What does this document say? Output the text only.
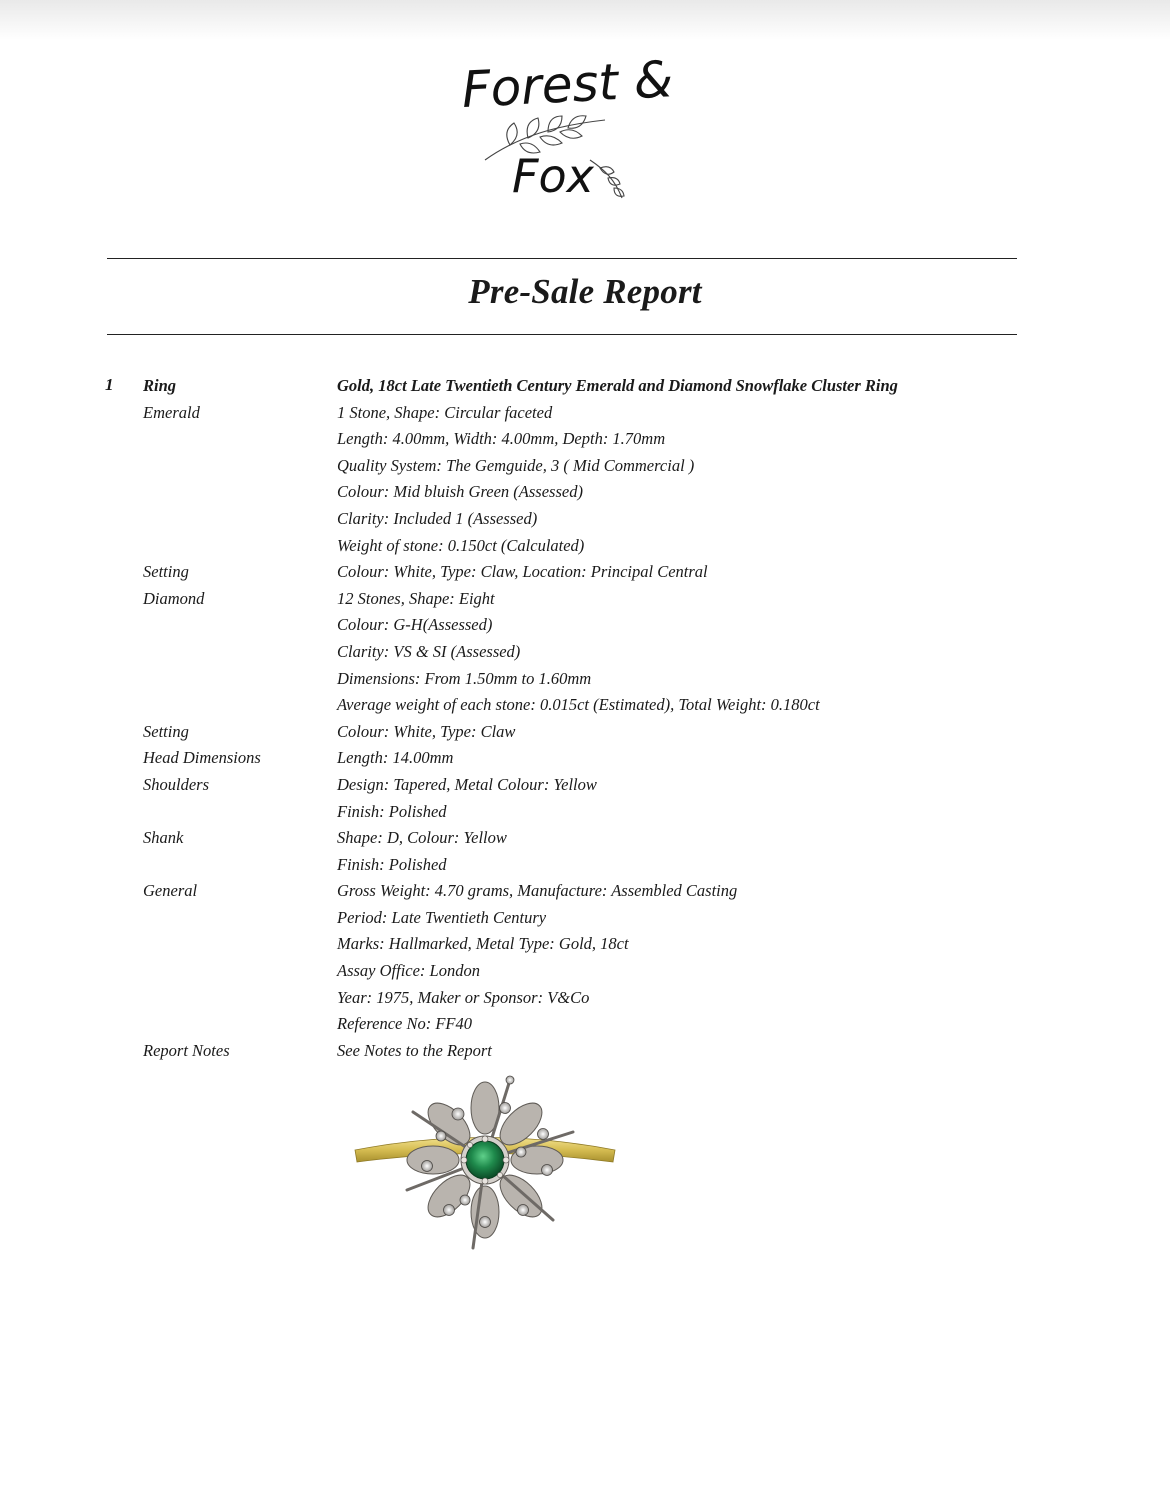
Forest &
Fox
Pre-Sale Report
1 Ring	Gold, 18ct Late Twentieth Century Emerald and Diamond Snowflake Cluster Ring
Emerald	1 Stone, Shape: Circular faceted
Length: 4.00mm, Width: 4.00mm, Depth: 1.70mm
Quality System: The Gemguide, 3 ( Mid Commercial )
Colour: Mid bluish Green (Assessed)
Clarity: Included 1 (Assessed)
Weight of stone: 0.150ct (Calculated)
Setting	Colour: White, Type: Claw, Location: Principal Central
Diamond	12 Stones, Shape: Eight
Colour: G-H(Assessed)
Clarity: VS & SI (Assessed)
Dimensions: From 1.50mm to 1.60mm
Average weight of each stone: 0.015ct (Estimated), Total Weight: 0.180ct
Setting	Colour: White, Type: Claw
Head Dimensions	Length: 14.00mm
Shoulders	Design: Tapered, Metal Colour: Yellow
Finish: Polished
Shank	Shape: D, Colour: Yellow
Finish: Polished
General	Gross Weight: 4.70 grams, Manufacture: Assembled Casting
Period: Late Twentieth Century
Marks: Hallmarked, Metal Type: Gold, 18ct
Assay Office: London
Year: 1975, Maker or Sponsor: V&Co
Reference No: FF40
Report Notes	See Notes to the Report
